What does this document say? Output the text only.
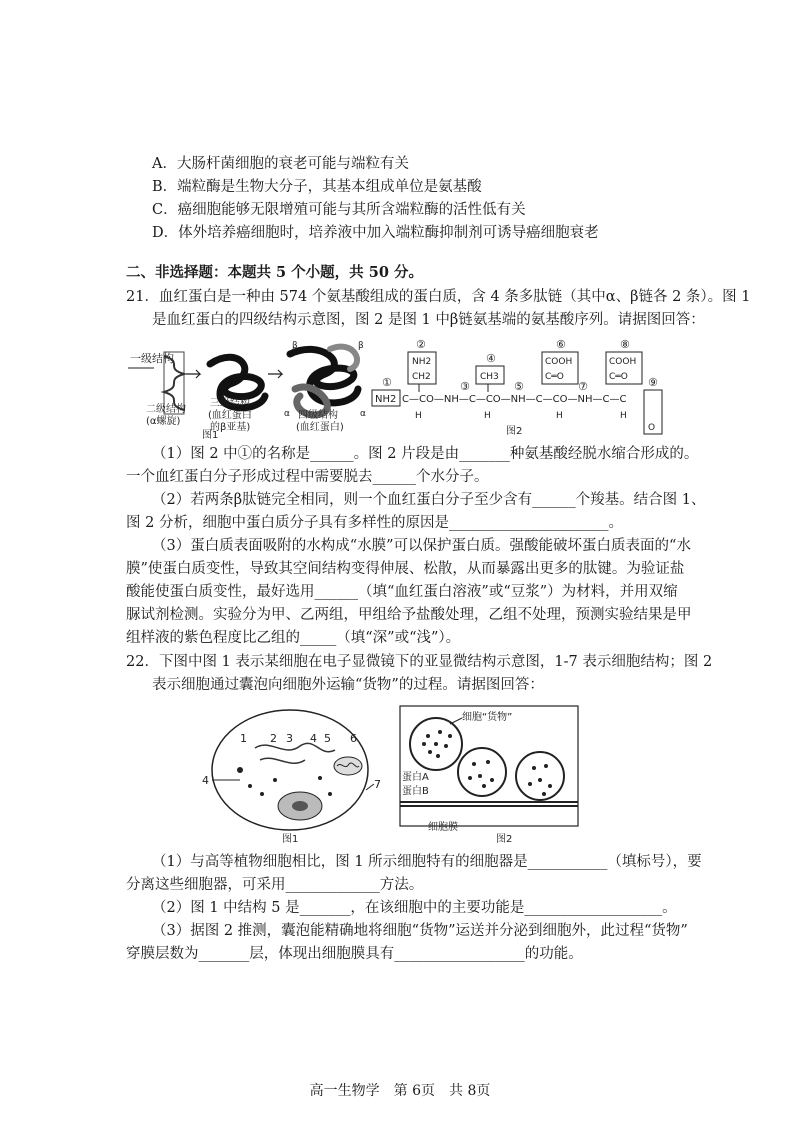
A．大肠杆菌细胞的衰老可能与端粒有关
B．端粒酶是生物大分子，其基本组成单位是氨基酸
C．癌细胞能够无限增殖可能与其所含端粒酶的活性低有关
D．体外培养癌细胞时，培养液中加入端粒酶抑制剂可诱导癌细胞衰老
二、非选择题：本题共 5 个小题，共 50 分。
21．血红蛋白是一种由 574 个氨基酸组成的蛋白质，含 4 条多肽链（其中α、β链各 2 条）。图 1
是血红蛋白的四级结构示意图，图 2 是图 1 中β链氨基端的氨基酸序列。请据图回答：
一级结构
二级结构
(α螺旋)
三级结构
(血红蛋白
的β亚基)
β	β
α	α
四级结构
(血红蛋白)
图1
①
NH2 C—CO—NH—C—CO—NH—C—CO—NH—C—C
②
NH2
CH2
H
③
④
CH3
H
⑤
⑥
COOH
C═O
H
⑦
⑧
COOH
C═O
H
⑨
O
图2
（1）图 2 中①的名称是______。图 2 片段是由_______种氨基酸经脱水缩合形成的。
一个血红蛋白分子形成过程中需要脱去______个水分子。
（2）若两条β肽链完全相同，则一个血红蛋白分子至少含有______个羧基。结合图 1、
图 2 分析，细胞中蛋白质分子具有多样性的原因是______________________。
（3）蛋白质表面吸附的水构成“水膜”可以保护蛋白质。强酸能破坏蛋白质表面的“水
膜”使蛋白质变性，导致其空间结构变得伸展、松散，从而暴露出更多的肽键。为验证盐
酸能使蛋白质变性，最好选用______（填“血红蛋白溶液”或“豆浆”）为材料，并用双缩
脲试剂检测。实验分为甲、乙两组，甲组给予盐酸处理，乙组不处理，预测实验结果是甲
组样液的紫色程度比乙组的_____（填“深”或“浅”）。
22．下图中图 1 表示某细胞在电子显微镜下的亚显微结构示意图，1-7 表示细胞结构；图 2
表示细胞通过囊泡向细胞外运输“货物”的过程。请据图回答：
1 2 3 4 5 6
4	7
图1
细胞“货物”
蛋白A
蛋白B
细胞膜
图2
（1）与高等植物细胞相比，图 1 所示细胞特有的细胞器是___________（填标号），要
分离这些细胞器，可采用_____________方法。
（2）图 1 中结构 5 是_______，在该细胞中的主要功能是___________________。
（3）据图 2 推测，囊泡能精确地将细胞“货物”运送并分泌到细胞外，此过程“货物”
穿膜层数为_______层，体现出细胞膜具有__________________的功能。
高一生物学　第 6页　共 8页
